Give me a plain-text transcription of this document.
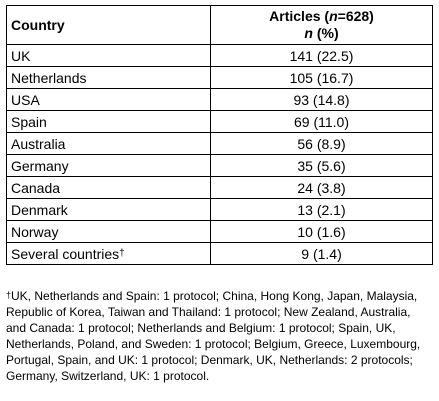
Country	Articles (n=628)
n (%)
UK	141 (22.5)
Netherlands	105 (16.7)
USA	93 (14.8)
Spain	69 (11.0)
Australia	56 (8.9)
Germany	35 (5.6)
Canada	24 (3.8)
Denmark	13 (2.1)
Norway	10 (1.6)
Several countries†	9 (1.4)
†UK, Netherlands and Spain: 1 protocol; China, Hong Kong, Japan, Malaysia, Republic of Korea, Taiwan and Thailand: 1 protocol; New Zealand, Australia, and Canada: 1 protocol; Netherlands and Belgium: 1 protocol; Spain, UK, Netherlands, Poland, and Sweden: 1 protocol; Belgium, Greece, Luxembourg, Portugal, Spain, and UK: 1 protocol; Denmark, UK, Netherlands: 2 protocols; Germany, Switzerland, UK: 1 protocol.
